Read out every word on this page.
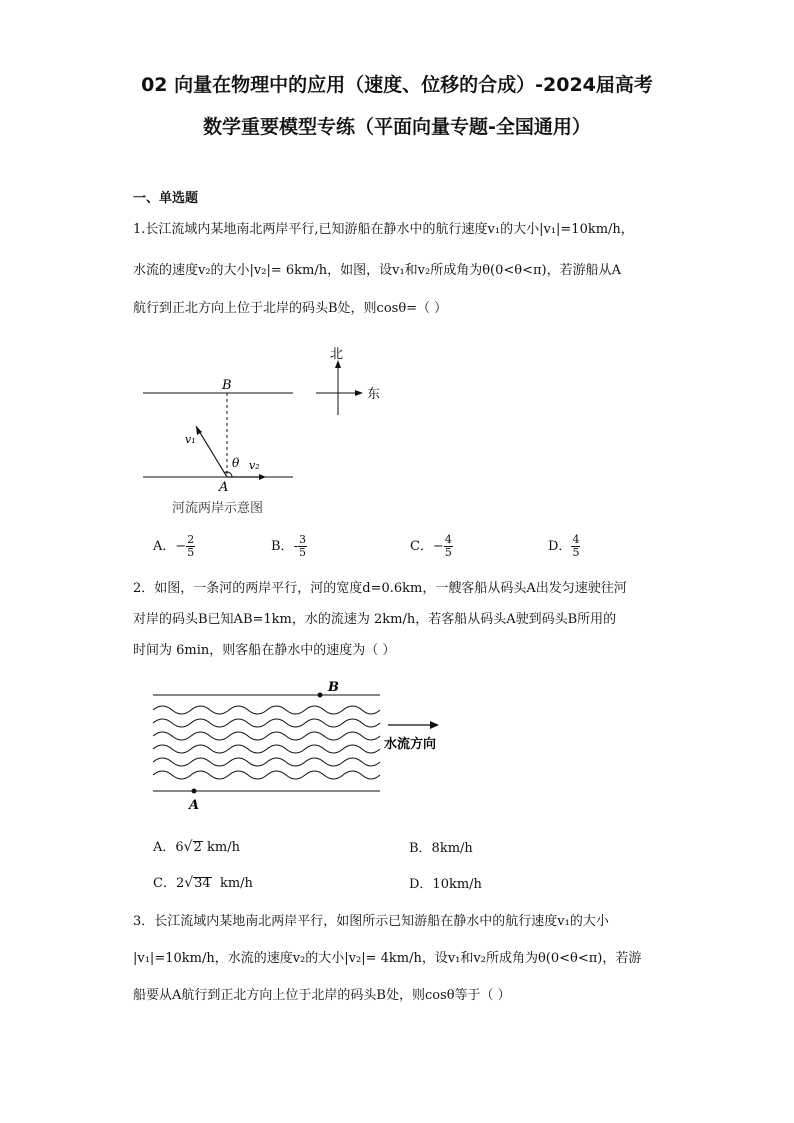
02 向量在物理中的应用（速度、位移的合成）-2024届高考
数学重要模型专练（平面向量专题-全国通用）
一、单选题
1.长江流域内某地南北两岸平行,已知游船在静水中的航行速度v₁的大小|v₁|=10km/h，
水流的速度v₂的大小|v₂|= 6km/h，如图，设v₁和v₂所成角为θ(0<θ<π)，若游船从A
航行到正北方向上位于北岸的码头B处，则cosθ=（ ）
北
东
B
A
θ
v₁
v₂
河流两岸示意图
A．− $\frac{2}{5}$	B．- $\frac{3}{5}$	C．− $\frac{4}{5}$	D． $\frac{4}{5}$
2．如图，一条河的两岸平行，河的宽度d=0.6km，一艘客船从码头A出发匀速驶往河
对岸的码头B已知AB=1km，水的流速为 2km/h，若客船从码头A驶到码头B所用的
时间为 6min，则客船在静水中的速度为（ ）
B
A
水流方向
A．6√2 km/h	B．8km/h
C．2√34 km/h	D．10km/h
3．长江流域内某地南北两岸平行，如图所示已知游船在静水中的航行速度v₁的大小
|v₁|=10km/h，水流的速度v₂的大小|v₂|= 4km/h，设v₁和v₂所成角为θ(0<θ<π)，若游
船要从A航行到正北方向上位于北岸的码头B处，则cosθ等于（ ）
